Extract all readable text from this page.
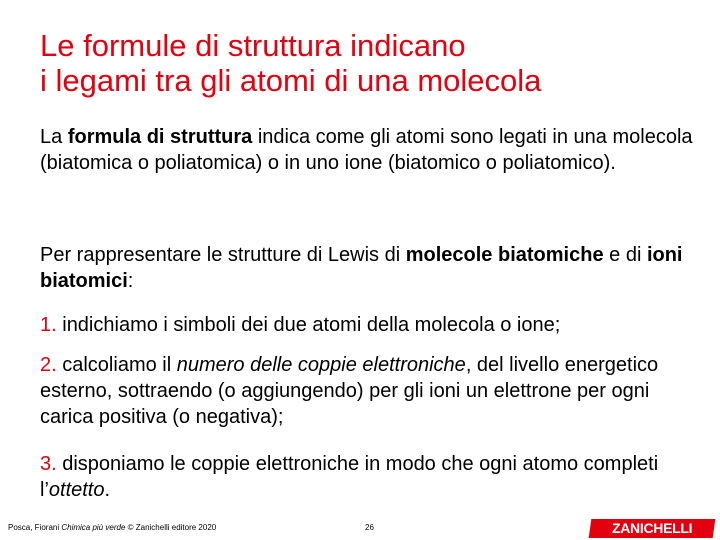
Le formule di struttura indicano
i legami tra gli atomi di una molecola

La formula di struttura indica come gli atomi sono legati in una molecola (biatomica o poliatomica) o in uno ione (biatomico o poliatomico).

Per rappresentare le strutture di Lewis di molecole biatomiche e di ioni biatomici:

1. indichiamo i simboli dei due atomi della molecola o ione;

2. calcoliamo il numero delle coppie elettroniche, del livello energetico esterno, sottraendo (o aggiungendo) per gli ioni un elettrone per ogni carica positiva (o negativa);

3. disponiamo le coppie elettroniche in modo che ogni atomo completi l’ottetto.

Posca, Fiorani Chimica più verde © Zanichelli editore 2020	26	ZANICHELLI
